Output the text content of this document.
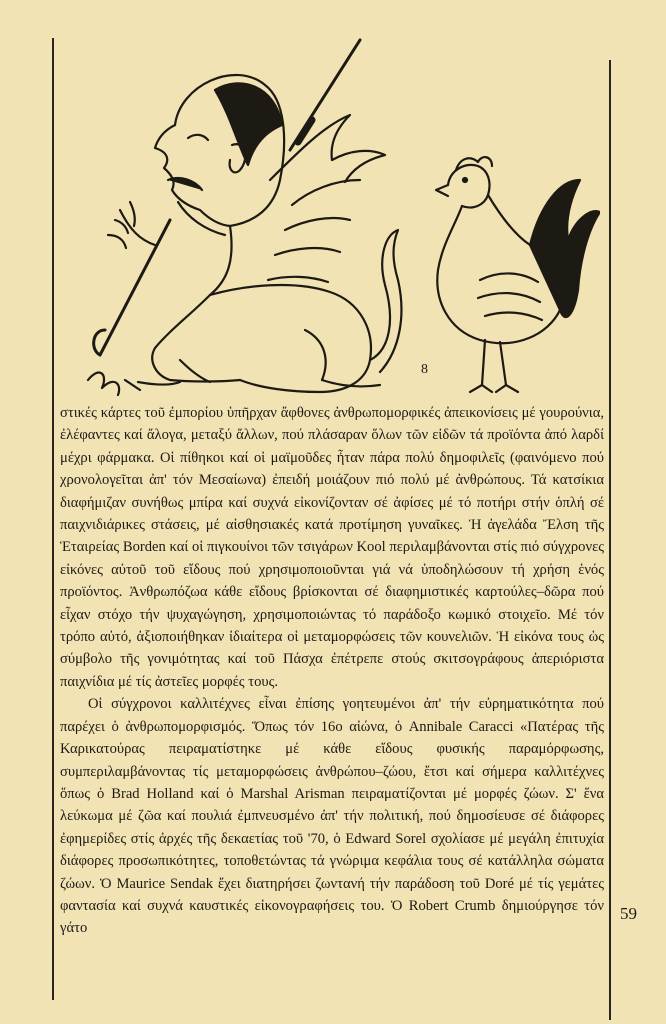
8

στικές κάρτες τοῦ ἐμπορίου ὑπῆρχαν ἄφθονες ἀνθρωπομορφικές ἀπεικονίσεις μέ γουρούνια, ἐλέφαντες καί ἄλογα, μεταξύ ἄλλων, πού πλάσαραν ὅλων τῶν εἰδῶν τά προϊόντα ἀπό λαρδί μέχρι φάρμακα. Οἱ πίθηκοι καί οἱ μαϊμοῦδες ἦταν πάρα πολύ δημοφιλεῖς (φαινόμενο πού χρονολογεῖται ἀπ' τόν Μεσαίωνα) ἐπειδή μοιάζουν πιό πολύ μέ ἀνθρώπους. Τά κατσίκια διαφήμιζαν συνήθως μπίρα καί συχνά εἰκονίζονταν σέ ἀφίσες μέ τό ποτήρι στήν ὁπλή σέ παιχνιδιάρικες στάσεις, μέ αἰσθησιακές κατά προτίμηση γυναῖκες. Ἡ ἀγελάδα Ἔλση τῆς Ἑταιρείας Borden καί οἱ πιγκουίνοι τῶν τσιγάρων Kool περιλαμβάνονται στίς πιό σύγχρονες εἰκόνες αὐτοῦ τοῦ εἴδους πού χρησιμοποιοῦνται γιά νά ὑποδηλώσουν τή χρήση ἑνός προϊόντος. Ἀνθρωπόζωα κάθε εἴδους βρίσκονται σέ διαφημιστικές καρτούλες–δῶρα πού εἶχαν στόχο τήν ψυχαγώγηση, χρησιμοποιώντας τό παράδοξο κωμικό στοιχεῖο. Μέ τόν τρόπο αὐτό, ἀξιοποιήθηκαν ἰδιαίτερα οἱ μεταμορφώσεις τῶν κουνελιῶν. Ἡ εἰκόνα τους ὡς σύμβολο τῆς γονιμότητας καί τοῦ Πάσχα ἐπέτρεπε στούς σκιτσογράφους ἀπεριόριστα παιχνίδια μέ τίς ἀστεῖες μορφές τους.

Οἱ σύγχρονοι καλλιτέχνες εἶναι ἐπίσης γοητευμένοι ἀπ' τήν εὐρηματικότητα πού παρέχει ὁ ἀνθρωπομορφισμός. Ὅπως τόν 16ο αἰώνα, ὁ Annibale Caracci «Πατέρας τῆς Καρικατούρας πειραματίστηκε μέ κάθε εἴδους φυσικής παραμόρφωσης, συμπεριλαμβάνοντας τίς μεταμορφώσεις ἀνθρώπου–ζώου, ἔτσι καί σήμερα καλλιτέχνες ὅπως ὁ Brad Holland καί ὁ Marshal Arisman πειραματίζονται μέ μορφές ζώων. Σ' ἕνα λεύκωμα μέ ζῶα καί πουλιά ἐμπνευσμένο ἀπ' τήν πολιτική, πού δημοσίευσε σέ διάφορες ἐφημερίδες στίς ἀρχές τῆς δεκαετίας τοῦ '70, ὁ Edward Sorel σχολίασε μέ μεγάλη ἐπιτυχία διάφορες προσωπικότητες, τοποθετώντας τά γνώριμα κεφάλια τους σέ κατάλληλα σώματα ζώων. Ὁ Maurice Sendak ἔχει διατηρήσει ζωντανή τήν παράδοση τοῦ Doré μέ τίς γεμάτες φαντασία καί συχνά καυστικές εἰκονογραφήσεις του. Ὁ Robert Crumb δημιούργησε τόν γάτο

59
